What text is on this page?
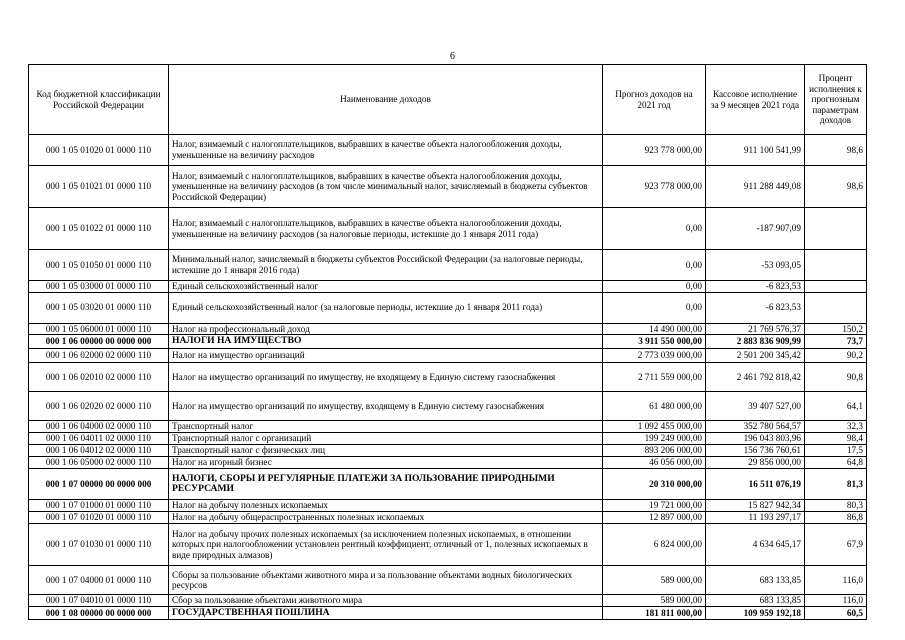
6
Код бюджетной классификации Российской Федерации	Наименование доходов	Прогноз доходов на 2021 год	Кассовое исполнение за 9 месяцев 2021 года	Процент исполнения к прогнозным параметрам доходов
000 1 05 01020 01 0000 110	Налог, взимаемый с налогоплательщиков, выбравших в качестве объекта налогообложения доходы, уменьшенные на величину расходов	923 778 000,00	911 100 541,99	98,6
000 1 05 01021 01 0000 110	Налог, взимаемый с налогоплательщиков, выбравших в качестве объекта налогообложения доходы, уменьшенные на величину расходов (в том числе минимальный налог, зачисляемый в бюджеты субъектов Российской Федерации)	923 778 000,00	911 288 449,08	98,6
000 1 05 01022 01 0000 110	Налог, взимаемый с налогоплательщиков, выбравших в качестве объекта налогообложения доходы, уменьшенные на величину расходов (за налоговые периоды, истекшие до 1 января 2011 года)	0,00	-187 907,09	
000 1 05 01050 01 0000 110	Минимальный налог, зачисляемый в бюджеты субъектов Российской Федерации (за налоговые периоды, истекшие до 1 января 2016 года)	0,00	-53 093,05	
000 1 05 03000 01 0000 110	Единый сельскохозяйственный налог	0,00	-6 823,53	
000 1 05 03020 01 0000 110	Единый сельскохозяйственный налог (за налоговые периоды, истекшие до 1 января 2011 года)	0,00	-6 823,53	
000 1 05 06000 01 0000 110	Налог на профессиональный доход	14 490 000,00	21 769 576,37	150,2
000 1 06 00000 00 0000 000	НАЛОГИ НА ИМУЩЕСТВО	3 911 550 000,00	2 883 836 909,99	73,7
000 1 06 02000 02 0000 110	Налог на имущество организаций	2 773 039 000,00	2 501 200 345,42	90,2
000 1 06 02010 02 0000 110	Налог на имущество организаций по имуществу, не входящему в Единую систему газоснабжения	2 711 559 000,00	2 461 792 818,42	90,8
000 1 06 02020 02 0000 110	Налог на имущество организаций по имуществу, входящему в Единую систему газоснабжения	61 480 000,00	39 407 527,00	64,1
000 1 06 04000 02 0000 110	Транспортный налог	1 092 455 000,00	352 780 564,57	32,3
000 1 06 04011 02 0000 110	Транспортный налог с организаций	199 249 000,00	196 043 803,96	98,4
000 1 06 04012 02 0000 110	Транспортный налог с физических лиц	893 206 000,00	156 736 760,61	17,5
000 1 06 05000 02 0000 110	Налог на игорный бизнес	46 056 000,00	29 856 000,00	64,8
000 1 07 00000 00 0000 000	НАЛОГИ, СБОРЫ И РЕГУЛЯРНЫЕ ПЛАТЕЖИ ЗА ПОЛЬЗОВАНИЕ ПРИРОДНЫМИ РЕСУРСАМИ	20 310 000,00	16 511 076,19	81,3
000 1 07 01000 01 0000 110	Налог на добычу полезных ископаемых	19 721 000,00	15 827 942,34	80,3
000 1 07 01020 01 0000 110	Налог на добычу общераспространенных полезных ископаемых	12 897 000,00	11 193 297,17	86,8
000 1 07 01030 01 0000 110	Налог на добычу прочих полезных ископаемых (за исключением полезных ископаемых, в отношении которых при налогообложении установлен рентный коэффициент, отличный от 1, полезных ископаемых в виде природных алмазов)	6 824 000,00	4 634 645,17	67,9
000 1 07 04000 01 0000 110	Сборы за пользование объектами животного мира и за пользование объектами водных биологических ресурсов	589 000,00	683 133,85	116,0
000 1 07 04010 01 0000 110	Сбор за пользование объектами животного мира	589 000,00	683 133,85	116,0
000 1 08 00000 00 0000 000	ГОСУДАРСТВЕННАЯ ПОШЛИНА	181 811 000,00	109 959 192,18	60,5
